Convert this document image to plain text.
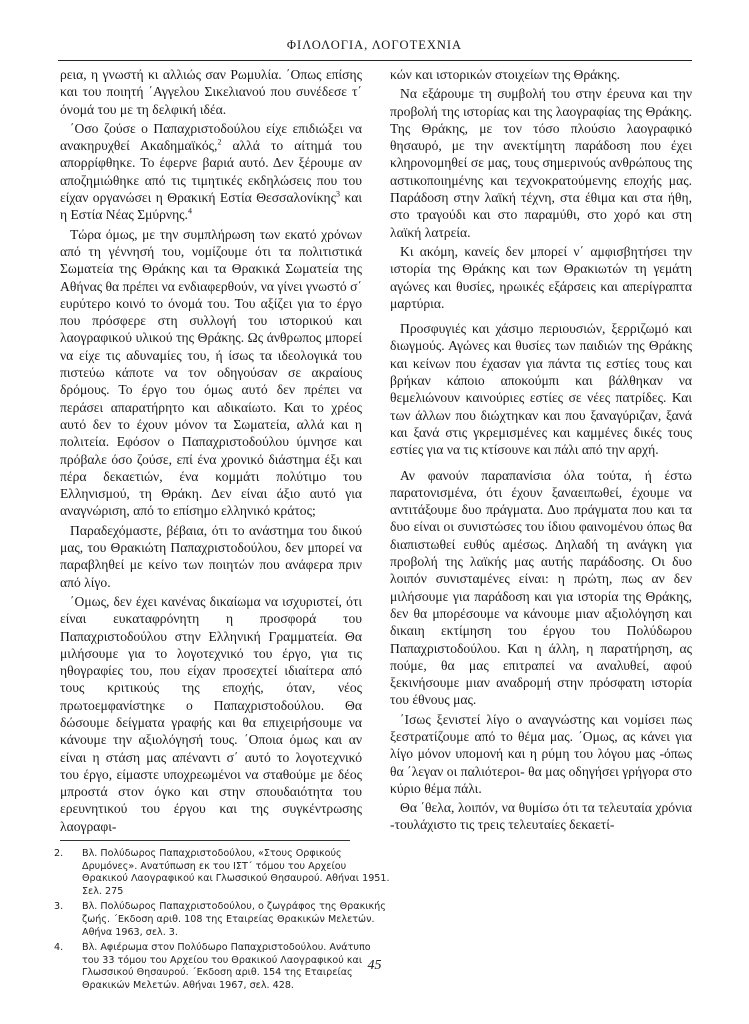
ΦΙΛΟΛΟΓΙΑ, ΛΟΓΟΤΕΧΝΙΑ

ρεια, η γνωστή κι αλλιώς σαν Ρωμυλία. ΄Οπως επίσης και του ποιητή ΄Αγγελου Σικελιανού που συνέδεσε τ΄ όνομά του με τη δελφική ιδέα.

΄Οσο ζούσε ο Παπαχριστοδούλου είχε επιδιώξει να ανακηρυχθεί Ακαδημαϊκός,$^2$ αλλά το αίτημά του απορρίφθηκε. Το έφερνε βαριά αυτό. Δεν ξέρουμε αν αποζημιώθηκε από τις τιμητικές εκδηλώσεις που του είχαν οργανώσει η Θρακική Εστία Θεσσαλονίκης$^3$ και η Εστία Νέας Σμύρνης.$^4$

Τώρα όμως, με την συμπλήρωση των εκατό χρόνων από τη γέννησή του, νομίζουμε ότι τα πολιτιστικά Σωματεία της Θράκης και τα Θρακικά Σωματεία της Αθήνας θα πρέπει να ενδιαφερθούν, να γίνει γνωστό σ΄ ευρύτερο κοινό το όνομά του. Του αξίζει για το έργο που πρόσφερε στη συλλογή του ιστορικού και λαογραφικού υλικού της Θράκης. Ως άνθρωπος μπορεί να είχε τις αδυναμίες του, ή ίσως τα ιδεολογικά του πιστεύω κάποτε να τον οδηγούσαν σε ακραίους δρόμους. Το έργο του όμως αυτό δεν πρέπει να περάσει απαρατήρητο και αδικαίωτο. Και το χρέος αυτό δεν το έχουν μόνον τα Σωματεία, αλλά και η πολιτεία. Εφόσον ο Παπαχριστοδούλου ύμνησε και πρόβαλε όσο ζούσε, επί ένα χρονικό διάστημα έξι και πέρα δεκαετιών, ένα κομμάτι πολύτιμο του Ελληνισμού, τη Θράκη. Δεν είναι άξιο αυτό για αναγνώριση, από το επίσημο ελληνικό κράτος;

Παραδεχόμαστε, βέβαια, ότι το ανάστημα του δικού μας, του Θρακιώτη Παπαχριστοδούλου, δεν μπορεί να παραβληθεί με κείνο των ποιητών που ανάφερα πριν από λίγο.

΄Ομως, δεν έχει κανένας δικαίωμα να ισχυριστεί, ότι είναι ευκαταφρόνητη η προσφορά του Παπαχριστοδούλου στην Ελληνική Γραμματεία. Θα μιλήσουμε για το λογοτεχνικό του έργο, για τις ηθογραφίες του, που είχαν προσεχτεί ιδιαίτερα από τους κριτικούς της εποχής, όταν, νέος πρωτοεμφανίστηκε ο Παπαχριστοδούλου. Θα δώσουμε δείγματα γραφής και θα επιχειρήσουμε να κάνουμε την αξιολόγησή τους. ΄Οποια όμως και αν είναι η στάση μας απέναντι σ΄ αυτό το λογοτεχνικό του έργο, είμαστε υποχρεωμένοι να σταθούμε με δέος μπροστά στον όγκο και στην σπουδαιότητα του ερευνητικού του έργου και της συγκέντρωσης λαογραφι-

κών και ιστορικών στοιχείων της Θράκης.

Να εξάρουμε τη συμβολή του στην έρευνα και την προβολή της ιστορίας και της λαογραφίας της Θράκης. Της Θράκης, με τον τόσο πλούσιο λαογραφικό θησαυρό, με την ανεκτίμητη παράδοση που έχει κληρονομηθεί σε μας, τους σημερινούς ανθρώπους της αστικοποιημένης και τεχνοκρατούμενης εποχής μας. Παράδοση στην λαϊκή τέχνη, στα έθιμα και στα ήθη, στο τραγούδι και στο παραμύθι, στο χορό και στη λαϊκή λατρεία.

Κι ακόμη, κανείς δεν μπορεί ν΄ αμφισβητήσει την ιστορία της Θράκης και των Θρακιωτών τη γεμάτη αγώνες και θυσίες, ηρωικές εξάρσεις και απερίγραπτα μαρτύρια.

Προσφυγιές και χάσιμο περιουσιών, ξερριζωμό και διωγμούς. Αγώνες και θυσίες των παιδιών της Θράκης και κείνων που έχασαν για πάντα τις εστίες τους και βρήκαν κάποιο αποκούμπι και βάλθηκαν να θεμελιώνουν καινούριες εστίες σε νέες πατρίδες. Και των άλλων που διώχτηκαν και που ξαναγύριζαν, ξανά και ξανά στις γκρεμισμένες και καμμένες δικές τους εστίες για να τις κτίσουνε και πάλι από την αρχή.

Αν φανούν παραπανίσια όλα τούτα, ή έστω παρατονισμένα, ότι έχουν ξαναειπωθεί, έχουμε να αντιτάξουμε δυο πράγματα. Δυο πράγματα που και τα δυο είναι οι συνιστώσες του ίδιου φαινομένου όπως θα διαπιστωθεί ευθύς αμέσως. Δηλαδή τη ανάγκη για προβολή της λαϊκής μας αυτής παράδοσης. Οι δυο λοιπόν συνισταμένες είναι: η πρώτη, πως αν δεν μιλήσουμε για παράδοση και για ιστορία της Θράκης, δεν θα μπορέσουμε να κάνουμε μιαν αξιολόγηση και δικαιη εκτίμηση του έργου του Πολύδωρου Παπαχριστοδούλου. Και η άλλη, η παρατήρηση, ας πούμε, θα μας επιτραπεί να αναλυθεί, αφού ξεκινήσουμε μιαν αναδρομή στην πρόσφατη ιστορία του έθνους μας.

΄Ισως ξενιστεί λίγο ο αναγνώστης και νομίσει πως ξεστρατίζουμε από το θέμα μας. ΄Ομως, ας κάνει για λίγο μόνον υπομονή και η ρύμη του λόγου μας -όπως θα ΄λεγαν οι παλιότεροι- θα μας οδηγήσει γρήγορα στο κύριο θέμα πάλι.

Θα ΄θελα, λοιπόν, να θυμίσω ότι τα τελευταία χρόνια -τουλάχιστο τις τρεις τελευταίες δεκαετί-

2. Βλ. Πολύδωρος Παπαχριστοδούλου, «Στους Ορφικούς Δρυμόνες». Ανατύπωση εκ του ΙΣΤ΄ τόμου του Αρχείου Θρακικού Λαογραφικού και Γλωσσικού Θησαυρού. Αθήναι 1951. Σελ. 275

3. Βλ. Πολύδωρος Παπαχριστοδούλου, ο ζωγράφος της Θρακικής ζωής. ΄Εκδοση αριθ. 108 της Εταιρείας Θρακικών Μελετών. Αθήνα 1963, σελ. 3.

4. Βλ. Αφιέρωμα στον Πολύδωρο Παπαχριστοδούλου. Ανάτυπο του 33 τόμου του Αρχείου του Θρακικού Λαογραφικού και Γλωσσικού Θησαυρού. ΄Εκδοση αριθ. 154 της Εταιρείας Θρακικών Μελετών. Αθήναι 1967, σελ. 428.

45
